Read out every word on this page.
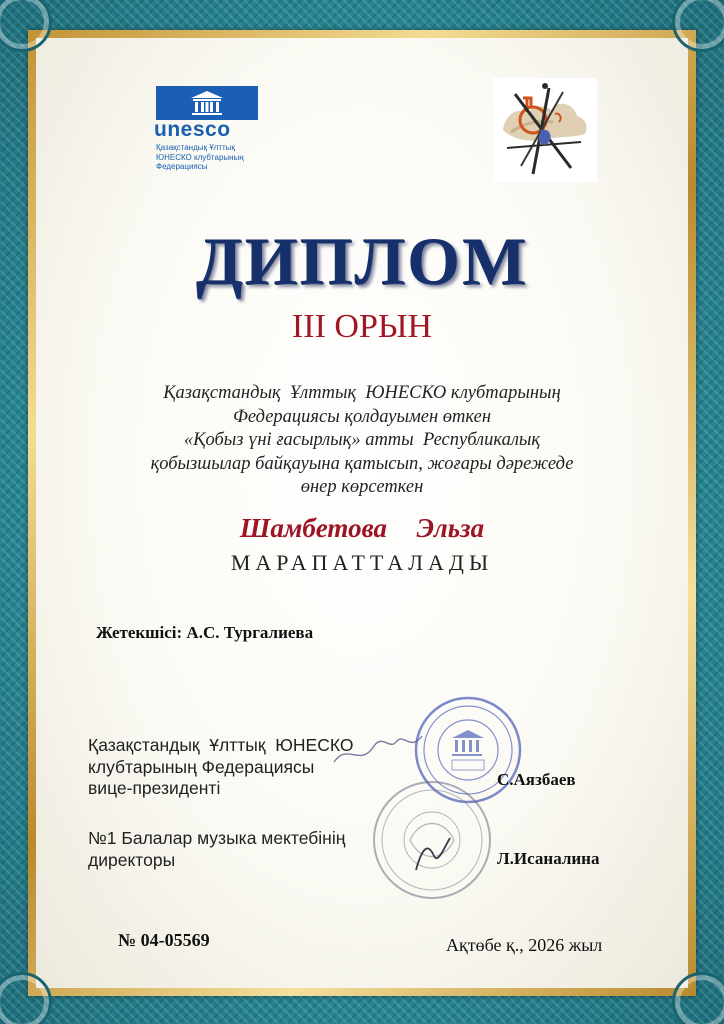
unesco
Қазақстандық Ұлттық
ЮНЕСКО клубтарының
Федерациясы
ДИПЛОМ
III ОРЫН
Қазақстандық  Ұлттық  ЮНЕСКО клубтарының
Федерациясы қолдауымен өткен
«Қобыз үні ғасырлық» атты  Республикалық
қобызшылар байқауына қатысып, жоғары дәрежеде
өнер көрсеткен
Шамбетова  Эльза
МАРАПАТТАЛАДЫ
Жетекшісі: А.С. Тургалиева
Қазақстандық  Ұлттық  ЮНЕСКО
клубтарының Федерациясы
вице-президенті	С.Аязбаев
№1 Балалар музыка мектебінің
директоры	Л.Исаналина
№ 04-05569	Ақтөбе қ., 2026 жыл
